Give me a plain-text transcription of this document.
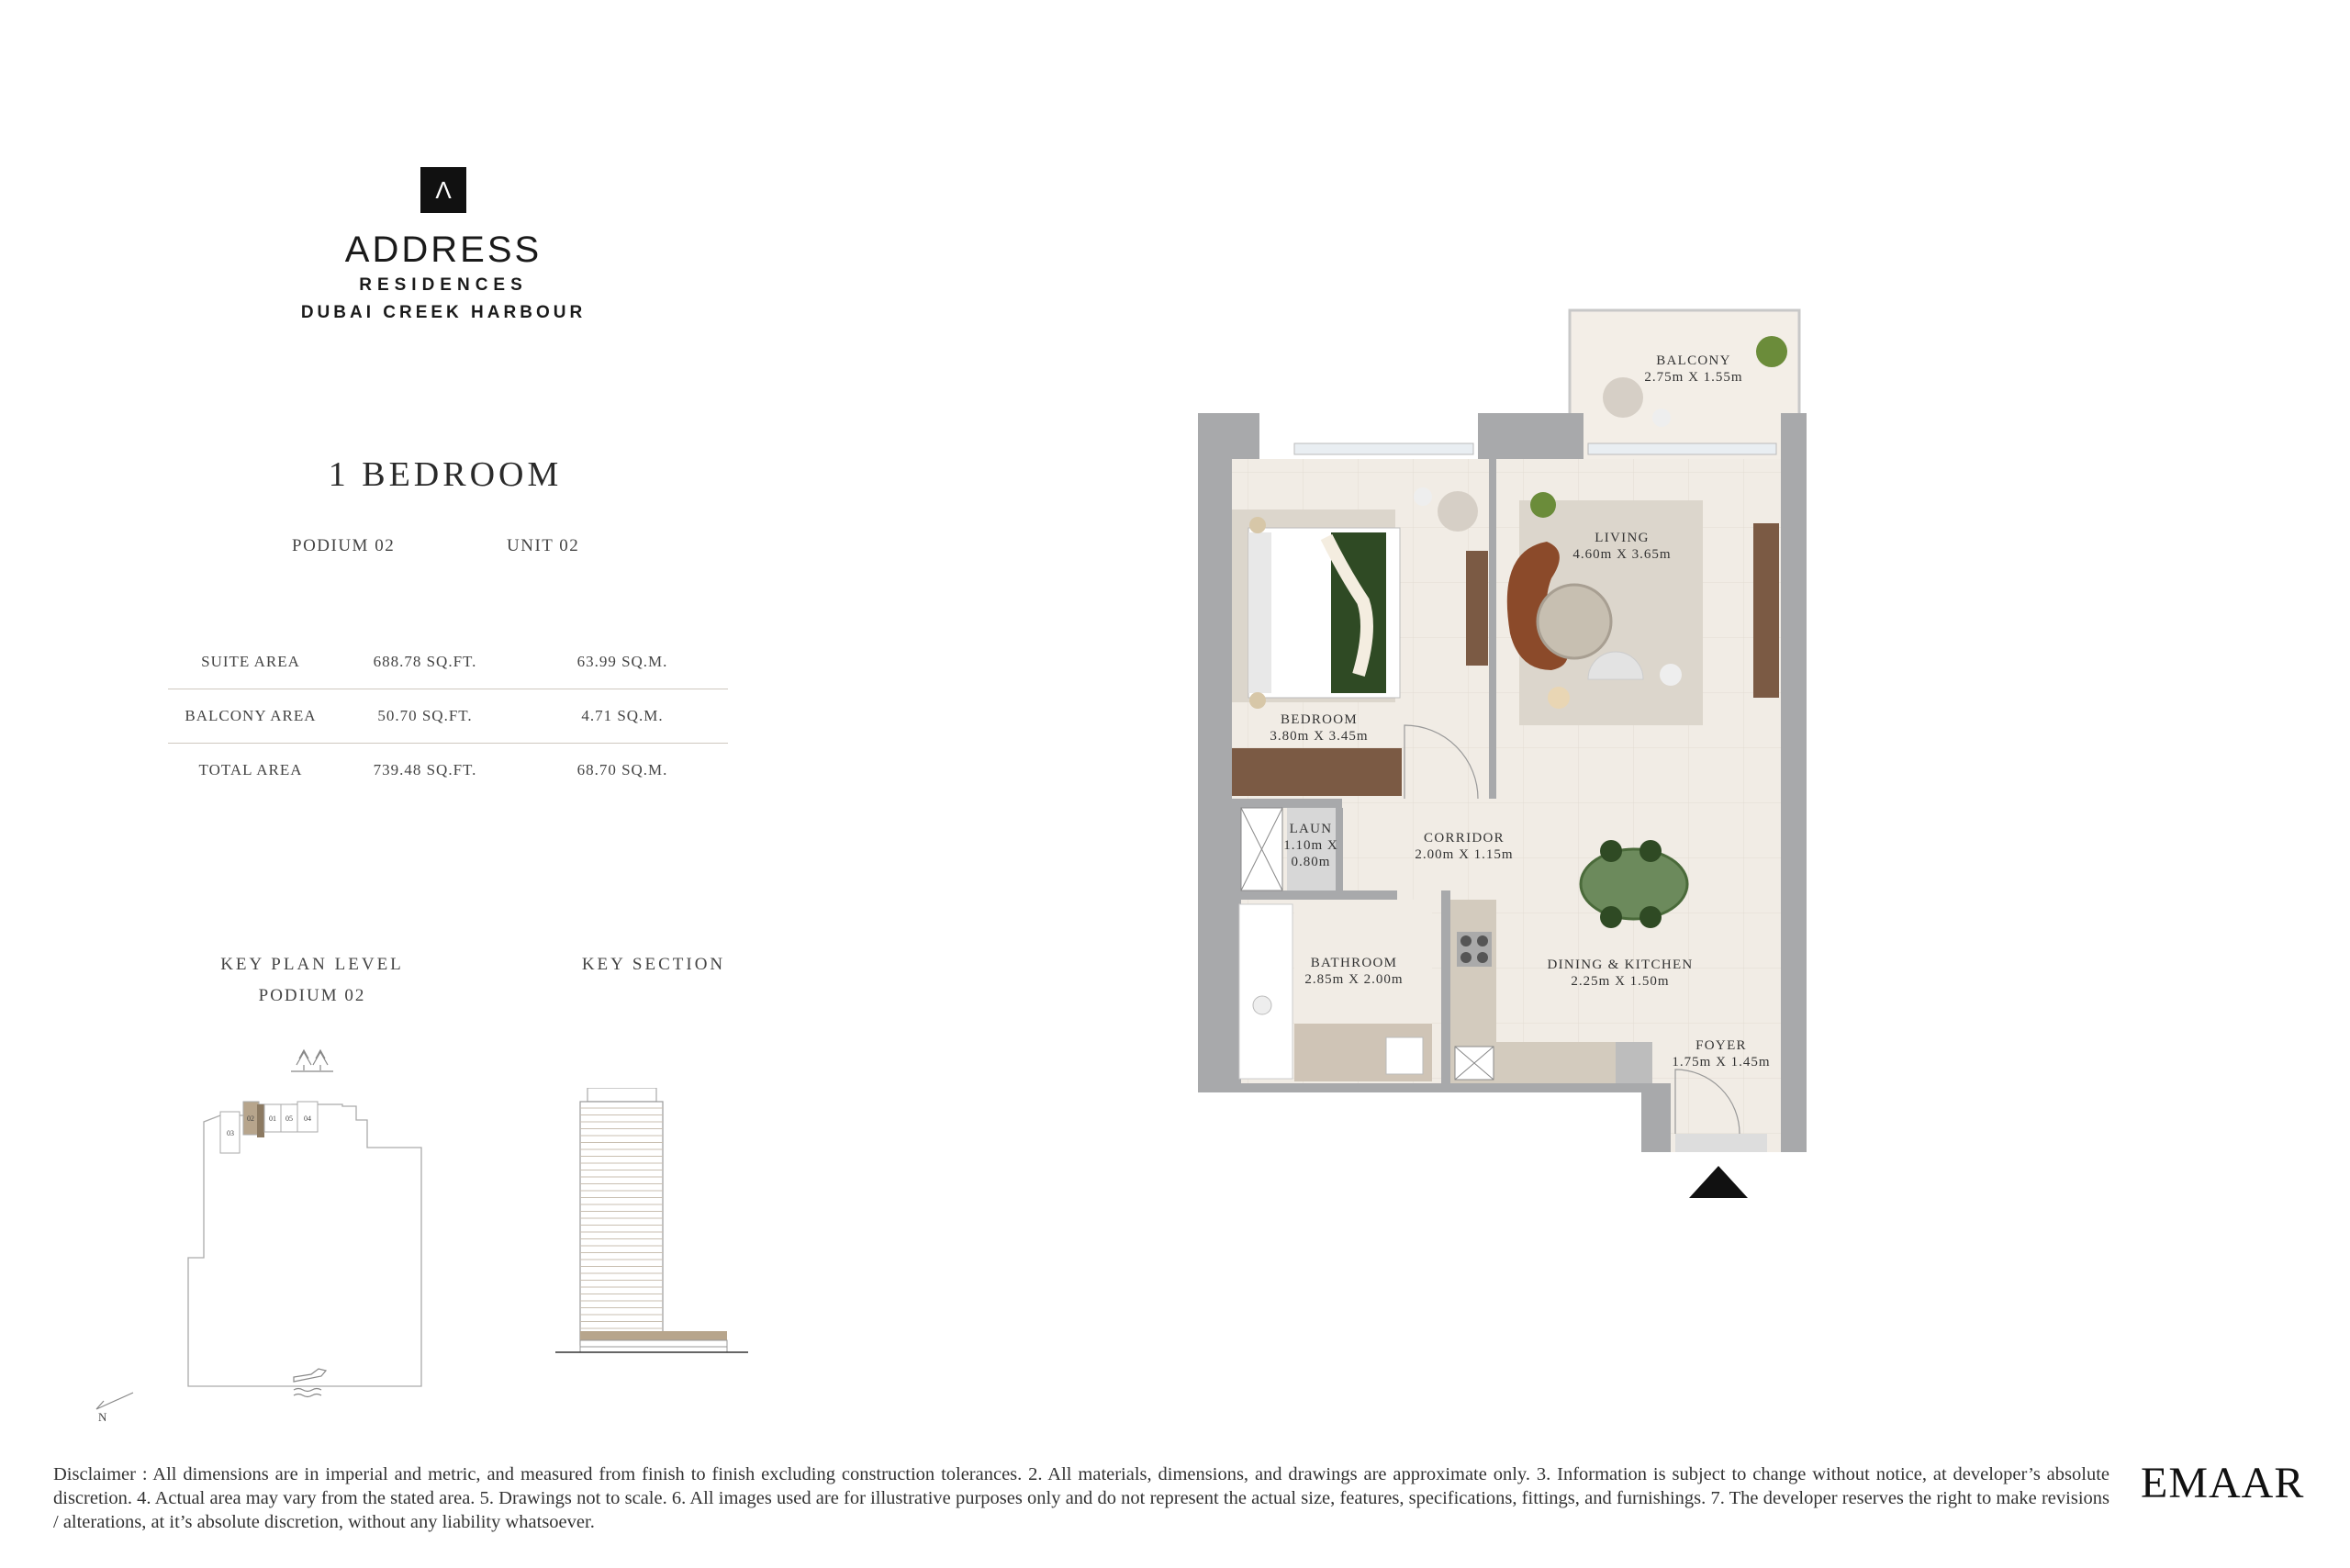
Λ
ADDRESS
RESIDENCES
DUBAI CREEK HARBOUR
1 BEDROOM
PODIUM 02	UNIT 02
SUITE AREA	688.78 SQ.FT.	63.99 SQ.M.
BALCONY AREA	50.70 SQ.FT.	4.71 SQ.M.
TOTAL AREA	739.48 SQ.FT.	68.70 SQ.M.
KEY PLAN LEVEL
PODIUM 02
KEY SECTION
03
02 01 05 04
N
BALCONY
2.75m X 1.55m
LIVING
4.60m X 3.65m
BEDROOM
3.80m X 3.45m
LAUN
1.10m X
0.80m
CORRIDOR
2.00m X 1.15m
BATHROOM
2.85m X 2.00m
DINING & KITCHEN
2.25m X 1.50m
FOYER
1.75m X 1.45m
Disclaimer : All dimensions are in imperial and metric, and measured from finish to finish excluding construction tolerances. 2. All materials, dimensions, and drawings are approximate only. 3. Information is subject to change without notice, at developer’s absolute discretion. 4. Actual area may vary from the stated area. 5. Drawings not to scale. 6. All images used are for illustrative purposes only and do not represent the actual size, features, specifications, fittings, and furnishings. 7. The developer reserves the right to make revisions / alterations, at it’s absolute discretion, without any liability whatsoever.
EMAAR
